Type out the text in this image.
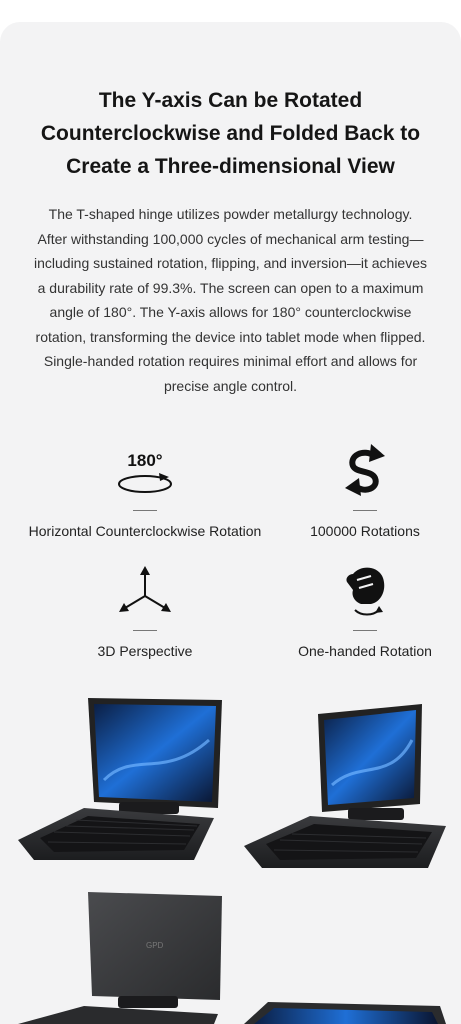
The Y-axis Can be Rotated
Counterclockwise and Folded Back to
Create a Three-dimensional View
The T-shaped hinge utilizes powder metallurgy technology.
After withstanding 100,000 cycles of mechanical arm testing—
including sustained rotation, flipping, and inversion—it achieves
a durability rate of 99.3%. The screen can open to a maximum
angle of 180°. The Y-axis allows for 180° counterclockwise
rotation, transforming the device into tablet mode when flipped.
Single-handed rotation requires minimal effort and allows for
precise angle control.
180°
Horizontal Counterclockwise Rotation	100000 Rotations
3D Perspective	One-handed Rotation
GPD
